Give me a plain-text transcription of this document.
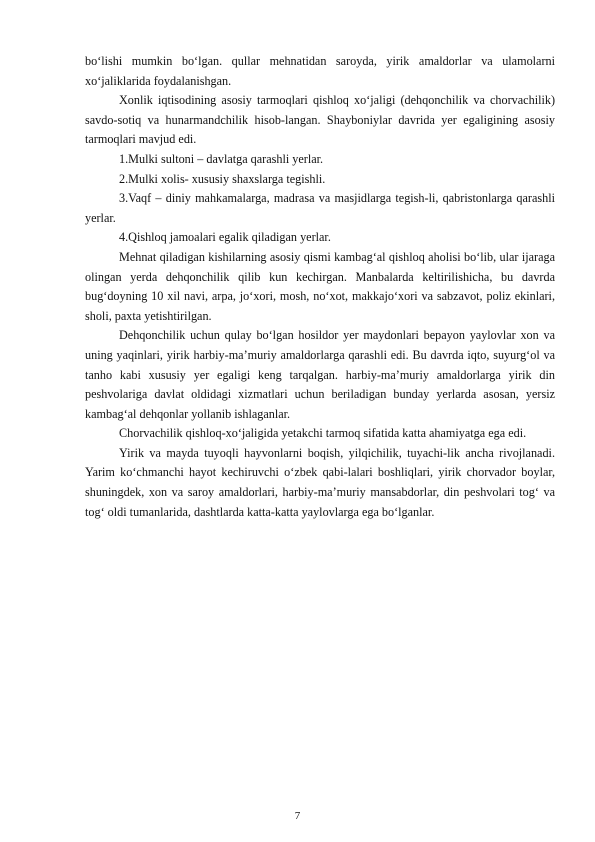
bo‘lishi mumkin bo‘lgan. qullar mehnatidan saroyda, yirik amaldorlar va ulamolarni xo‘jaliklarida foydalanishgan.

Xonlik iqtisodining asosiy tarmoqlari qishloq xo‘jaligi (dehqonchilik va chorvachilik) savdo-sotiq va hunarmandchilik hisob-langan. Shayboniylar davrida yer egaligining asosiy tarmoqlari mavjud edi.

1.Mulki sultoni – davlatga qarashli yerlar.

2.Mulki xolis- xususiy shaxslarga tegishli.

3.Vaqf – diniy mahkamalarga, madrasa va masjidlarga tegish-li, qabristonlarga qarashli yerlar.

4.Qishloq jamoalari egalik qiladigan yerlar.

Mehnat qiladigan kishilarning asosiy qismi kambag‘al qishloq aholisi bo‘lib, ular ijaraga olingan yerda dehqonchilik qilib kun kechirgan. Manbalarda keltirilishicha, bu davrda bug‘doyning 10 xil navi, arpa, jo‘xori, mosh, no‘xot, makkajo‘xori va sabzavot, poliz ekinlari, sholi, paxta yetishtirilgan.

Dehqonchilik uchun qulay bo‘lgan hosildor yer maydonlari bepayon yaylovlar xon va uning yaqinlari, yirik harbiy-ma’muriy amaldorlarga qarashli edi. Bu davrda iqto, suyurg‘ol va tanho kabi xususiy yer egaligi keng tarqalgan. harbiy-ma’muriy amaldorlarga yirik din peshvolariga davlat oldidagi xizmatlari uchun beriladigan bunday yerlarda asosan, yersiz kambag‘al dehqonlar yollanib ishlaganlar.

Chorvachilik qishloq-xo‘jaligida yetakchi tarmoq sifatida katta ahamiyatga ega edi.

Yirik va mayda tuyoqli hayvonlarni boqish, yilqichilik, tuyachi-lik ancha rivojlanadi. Yarim ko‘chmanchi hayot kechiruvchi o‘zbek qabi-lalari boshliqlari, yirik chorvador boylar, shuningdek, xon va saroy amaldorlari, harbiy-ma’muriy mansabdorlar, din peshvolari tog‘ va tog‘ oldi tumanlarida, dashtlarda katta-katta yaylovlarga ega bo‘lganlar.

7
